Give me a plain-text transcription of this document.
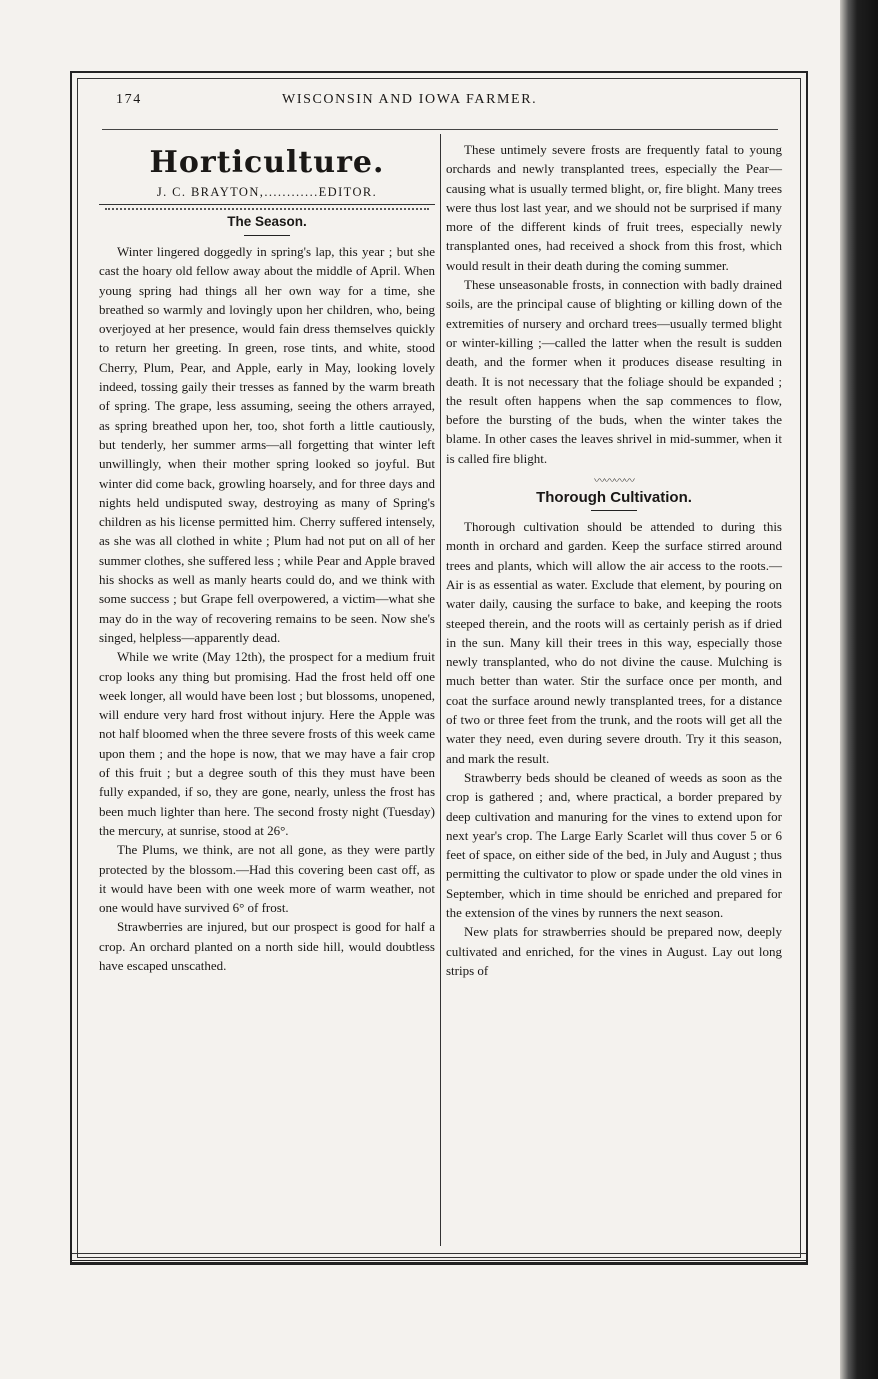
174	WISCONSIN AND IOWA FARMER.
Horticulture.
J. C. BRAYTON,............EDITOR.
The Season.

Winter lingered doggedly in spring's lap, this year ; but she cast the hoary old fellow away about the middle of April. When young spring had things all her own way for a time, she breathed so warmly and lovingly upon her children, who, being overjoyed at her presence, would fain dress themselves quickly to return her greeting. In green, rose tints, and white, stood Cherry, Plum, Pear, and Apple, early in May, looking lovely indeed, tossing gaily their tresses as fanned by the warm breath of spring. The grape, less assuming, seeing the others arrayed, as spring breathed upon her, too, shot forth a little cautiously, but tenderly, her summer arms—all forgetting that winter left unwillingly, when their mother spring looked so joyful. But winter did come back, growling hoarsely, and for three days and nights held undisputed sway, destroying as many of Spring's children as his license permitted him. Cherry suffered intensely, as she was all clothed in white ; Plum had not put on all of her summer clothes, she suffered less ; while Pear and Apple braved his shocks as well as manly hearts could do, and we think with some success ; but Grape fell overpowered, a victim—what she may do in the way of recovering remains to be seen. Now she's singed, helpless—apparently dead.

While we write (May 12th), the prospect for a medium fruit crop looks any thing but promising. Had the frost held off one week longer, all would have been lost ; but blossoms, unopened, will endure very hard frost without injury. Here the Apple was not half bloomed when the three severe frosts of this week came upon them ; and the hope is now, that we may have a fair crop of this fruit ; but a degree south of this they must have been fully expanded, if so, they are gone, nearly, unless the frost has been much lighter than here. The second frosty night (Tuesday) the mercury, at sunrise, stood at 26°.

The Plums, we think, are not all gone, as they were partly protected by the blossom.—Had this covering been cast off, as it would have been with one week more of warm weather, not one would have survived 6° of frost.

Strawberries are injured, but our prospect is good for half a crop. An orchard planted on a north side hill, would doubtless have escaped unscathed.

These untimely severe frosts are frequently fatal to young orchards and newly transplanted trees, especially the Pear—causing what is usually termed blight, or, fire blight. Many trees were thus lost last year, and we should not be surprised if many more of the different kinds of fruit trees, especially newly transplanted ones, had received a shock from this frost, which would result in their death during the coming summer.

These unseasonable frosts, in connection with badly drained soils, are the principal cause of blighting or killing down of the extremities of nursery and orchard trees—usually termed blight or winter-killing ;—called the latter when the result is sudden death, and the former when it produces disease resulting in death. It is not necessary that the foliage should be expanded ; the result often happens when the sap commences to flow, before the bursting of the buds, when the winter takes the blame. In other cases the leaves shrivel in mid-summer, when it is called fire blight.

〰〰〰〰
Thorough Cultivation.

Thorough cultivation should be attended to during this month in orchard and garden. Keep the surface stirred around trees and plants, which will allow the air access to the roots.—Air is as essential as water. Exclude that element, by pouring on water daily, causing the surface to bake, and keeping the roots steeped therein, and the roots will as certainly perish as if dried in the sun. Many kill their trees in this way, especially those newly transplanted, who do not divine the cause. Mulching is much better than water. Stir the surface once per month, and coat the surface around newly transplanted trees, for a distance of two or three feet from the trunk, and the roots will get all the water they need, even during severe drouth. Try it this season, and mark the result.

Strawberry beds should be cleaned of weeds as soon as the crop is gathered ; and, where practical, a border prepared by deep cultivation and manuring for the vines to extend upon for next year's crop. The Large Early Scarlet will thus cover 5 or 6 feet of space, on either side of the bed, in July and August ; thus permitting the cultivator to plow or spade under the old vines in September, which in time should be enriched and prepared for the extension of the vines by runners the next season.

New plats for strawberries should be prepared now, deeply cultivated and enriched, for the vines in August. Lay out long strips of
